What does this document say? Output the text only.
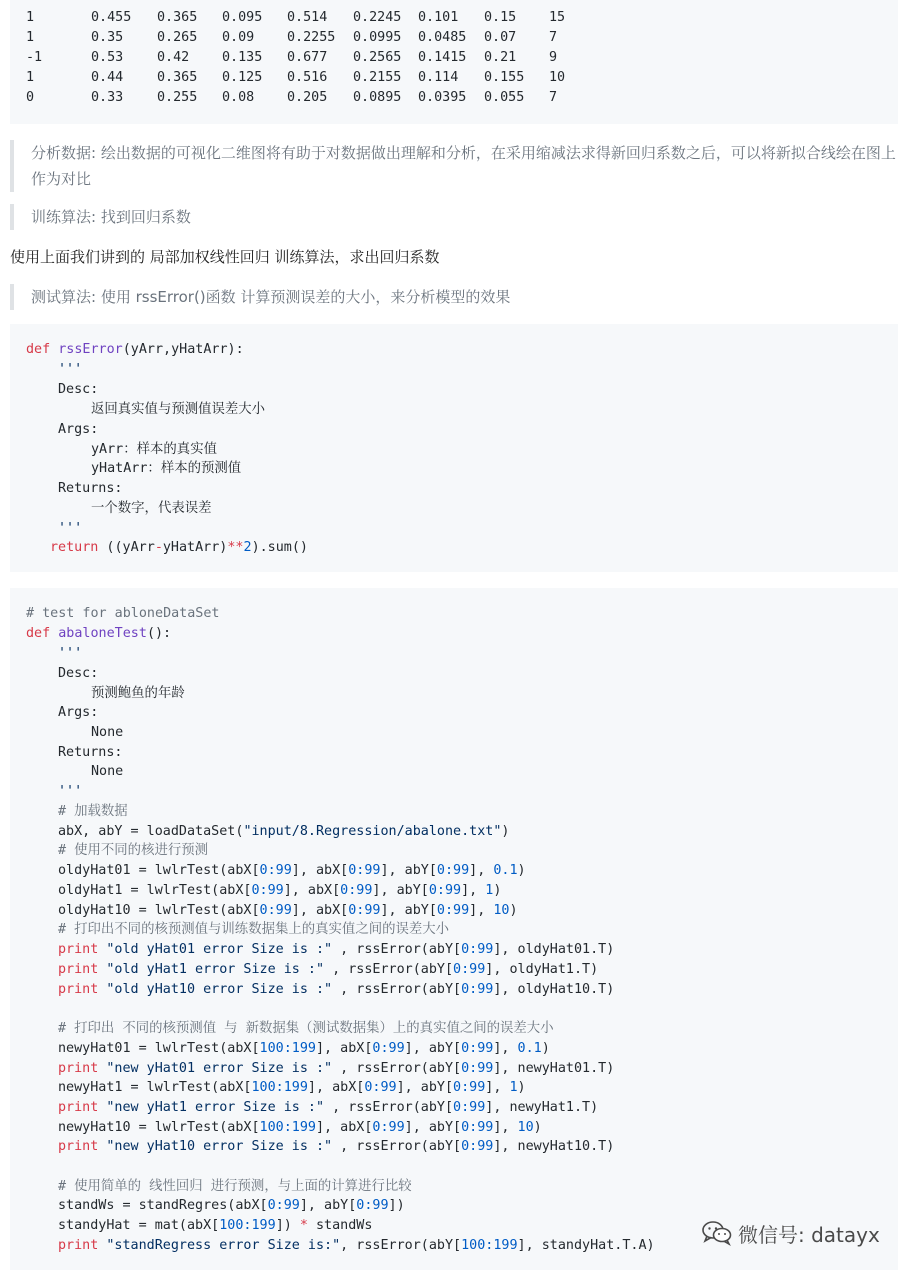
1	0.455 0.365 0.095 0.514 0.2245 0.101 0.15 15
1	0.35	0.265 0.09 0.2255 0.0995 0.0485 0.07 7
-1	0.53	0.42 0.135 0.677 0.2565 0.1415 0.21 9
1	0.44	0.365 0.125 0.516 0.2155 0.114 0.155 10
0	0.33	0.255 0.08 0.205 0.0895 0.0395 0.055 7
分析数据: 绘出数据的可视化二维图将有助于对数据做出理解和分析，在采用缩减法求得新回归系数之后，可以将新拟合线绘在图上作为对比
训练算法: 找到回归系数
使用上面我们讲到的 局部加权线性回归 训练算法，求出回归系数
测试算法: 使用 rssError()函数 计算预测误差的大小，来分析模型的效果
def rssError(yArr,yHatArr):
'''
Desc:
返回真实值与预测值误差大小
Args:
yArr：样本的真实值
yHatArr：样本的预测值
Returns:
一个数字，代表误差
'''
return ((yArr-yHatArr)**2).sum()
# test for abloneDataSet
def abaloneTest():
'''
Desc:
预测鲍鱼的年龄
Args:
None
Returns:
None
'''
# 加载数据
abX, abY = loadDataSet("input/8.Regression/abalone.txt")
# 使用不同的核进行预测
oldyHat01 = lwlrTest(abX[0:99], abX[0:99], abY[0:99], 0.1)
oldyHat1 = lwlrTest(abX[0:99], abX[0:99], abY[0:99], 1)
oldyHat10 = lwlrTest(abX[0:99], abX[0:99], abY[0:99], 10)
# 打印出不同的核预测值与训练数据集上的真实值之间的误差大小
print "old yHat01 error Size is :" , rssError(abY[0:99], oldyHat01.T)
print "old yHat1 error Size is :" , rssError(abY[0:99], oldyHat1.T)
print "old yHat10 error Size is :" , rssError(abY[0:99], oldyHat10.T)
# 打印出 不同的核预测值 与 新数据集（测试数据集）上的真实值之间的误差大小
newyHat01 = lwlrTest(abX[100:199], abX[0:99], abY[0:99], 0.1)
print "new yHat01 error Size is :" , rssError(abY[0:99], newyHat01.T)
newyHat1 = lwlrTest(abX[100:199], abX[0:99], abY[0:99], 1)
print "new yHat1 error Size is :" , rssError(abY[0:99], newyHat1.T)
newyHat10 = lwlrTest(abX[100:199], abX[0:99], abY[0:99], 10)
print "new yHat10 error Size is :" , rssError(abY[0:99], newyHat10.T)
# 使用简单的 线性回归 进行预测，与上面的计算进行比较
standWs = standRegres(abX[0:99], abY[0:99])
standyHat = mat(abX[100:199]) * standWs
print "standRegress error Size is:", rssError(abY[100:199], standyHat.T.A)	微信号: datayx
